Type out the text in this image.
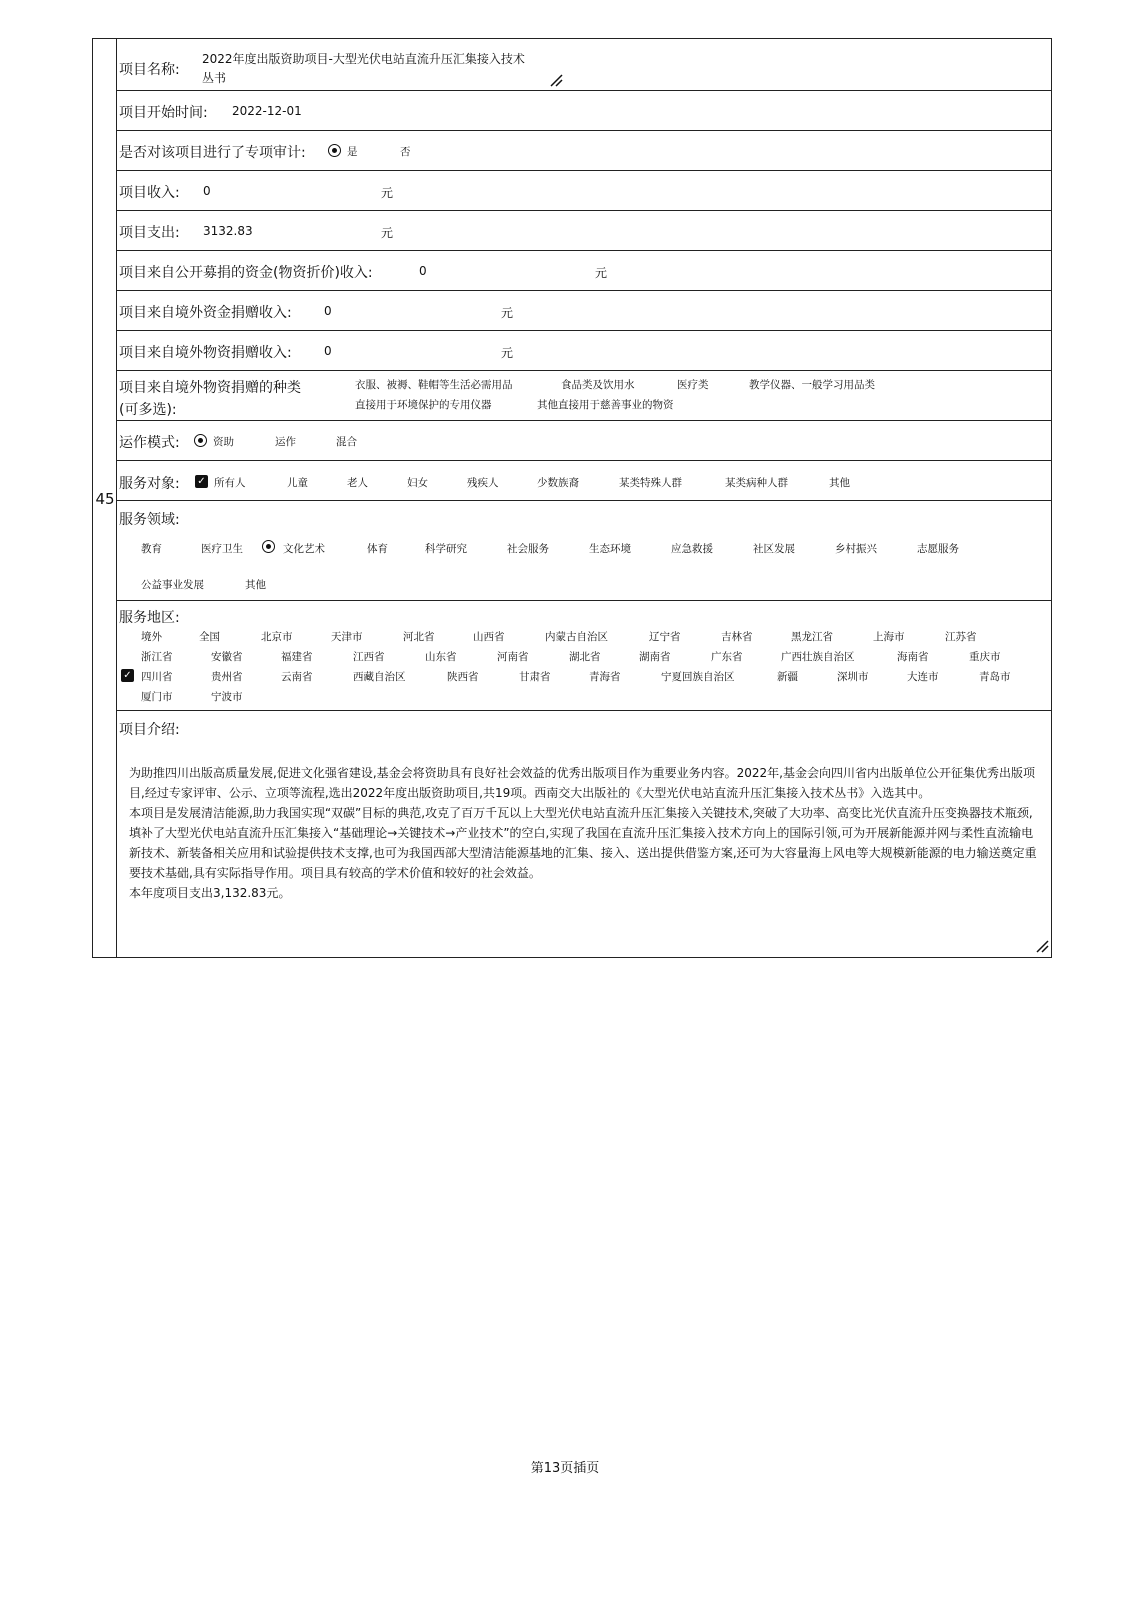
45
项目名称:
2022年度出版资助项目-大型光伏电站直流升压汇集接入技术
丛书
项目开始时间: 2022-12-01
是否对该项目进行了专项审计:	是	否
项目收入: 0	元
项目支出: 3132.83	元
项目来自公开募捐的资金(物资折价)收入:	0	元
项目来自境外资金捐赠收入:	0	元
项目来自境外物资捐赠收入:	0	元
项目来自境外物资捐赠的种类
(可多选):
衣服、被褥、鞋帽等生活必需用品	食品类及饮用水	医疗类	教学仪器、一般学习用品类
直接用于环境保护的专用仪器	其他直接用于慈善事业的物资
运作模式:	资助	运作	混合
服务对象: ✓ 所有人	儿童	老人	妇女	残疾人	少数族裔	某类特殊人群	某类病种人群	其他
服务领域:
教育	医疗卫生	文化艺术	体育	科学研究	社会服务	生态环境	应急救援	社区发展	乡村振兴	志愿服务
公益事业发展	其他
服务地区:
境外	全国	北京市	天津市	河北省	山西省	内蒙古自治区	辽宁省	吉林省	黑龙江省	上海市	江苏省
浙江省	安徽省	福建省	江西省	山东省	河南省	湖北省	湖南省	广东省	广西壮族自治区	海南省	重庆市
✓ 四川省	贵州省	云南省	西藏自治区	陕西省	甘肃省	青海省	宁夏回族自治区	新疆	深圳市	大连市	青岛市
厦门市	宁波市
项目介绍:
为助推四川出版高质量发展,促进文化强省建设,基金会将资助具有良好社会效益的优秀出版项目作为重要业务内容。2022年,基金会向四川省内出版单位公开征集优秀出版项目,经过专家评审、公示、立项等流程,选出2022年度出版资助项目,共19项。西南交大出版社的《大型光伏电站直流升压汇集接入技术丛书》入选其中。
本项目是发展清洁能源,助力我国实现“双碳”目标的典范,攻克了百万千瓦以上大型光伏电站直流升压汇集接入关键技术,突破了大功率、高变比光伏直流升压变换器技术瓶颈,填补了大型光伏电站直流升压汇集接入“基础理论→关键技术→产业技术”的空白,实现了我国在直流升压汇集接入技术方向上的国际引领,可为开展新能源并网与柔性直流输电新技术、新装备相关应用和试验提供技术支撑,也可为我国西部大型清洁能源基地的汇集、接入、送出提供借鉴方案,还可为大容量海上风电等大规模新能源的电力输送奠定重要技术基础,具有实际指导作用。项目具有较高的学术价值和较好的社会效益。
本年度项目支出3,132.83元。
第13页插页
